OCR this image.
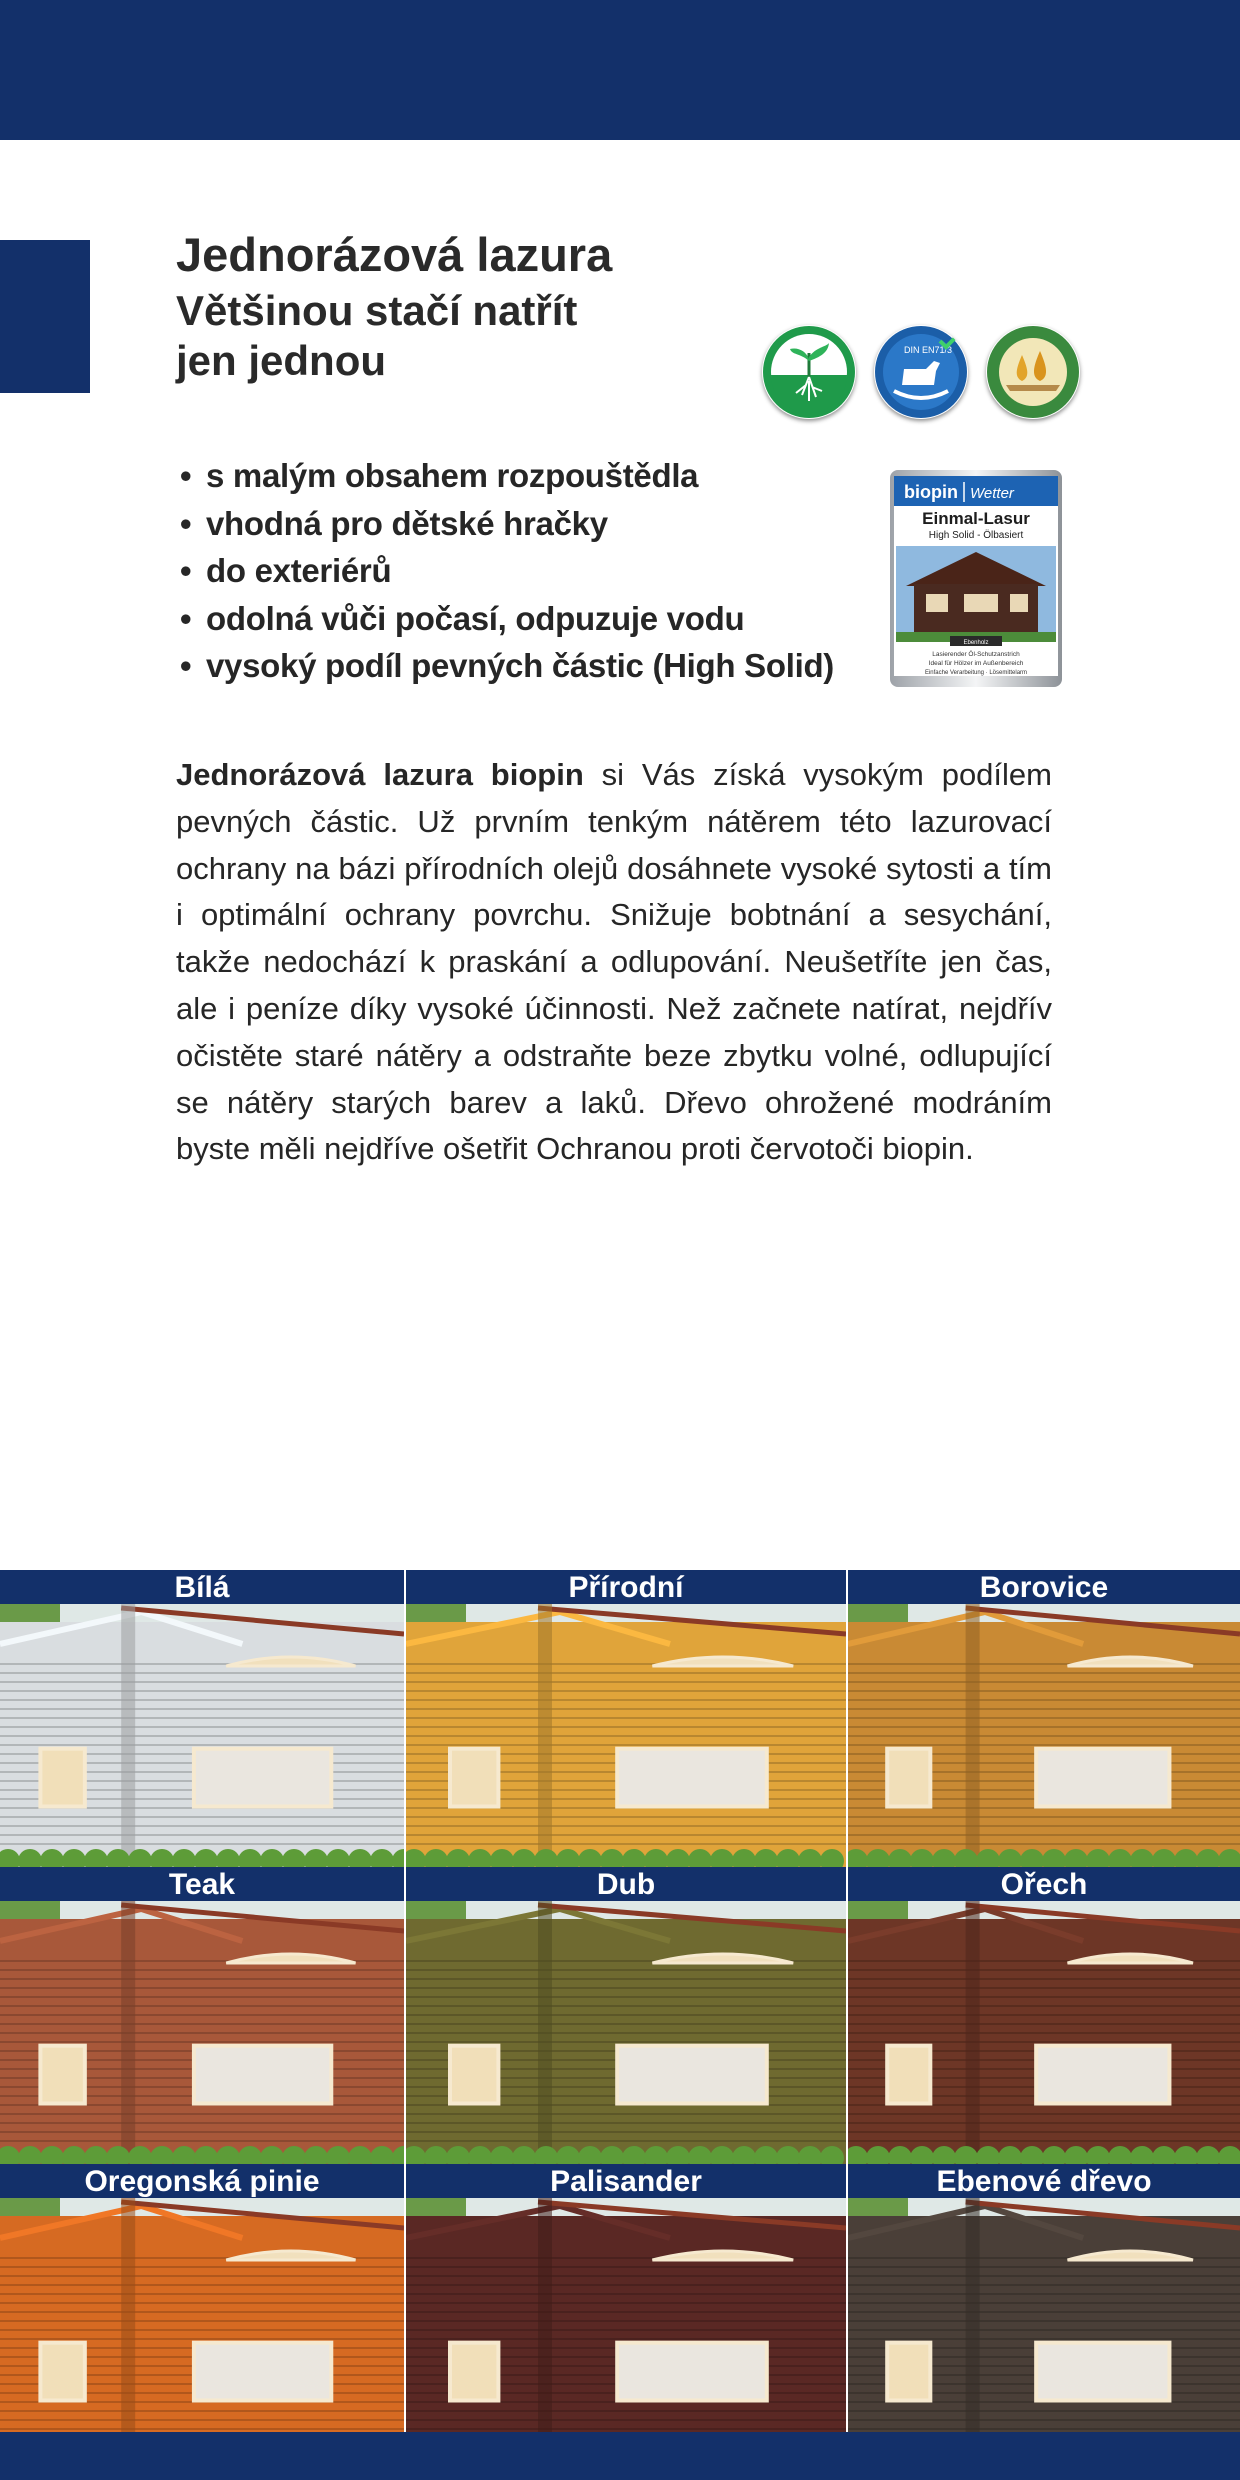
Jednorázová lazura
Většinou stačí natřít
jen jednou	DIN EN71/3
• s malým obsahem rozpouštědla
• vhodná pro dětské hračky
• do exteriérů
• odolná vůči počasí, odpuzuje vodu
• vysoký podíl pevných částic (High Solid)
biopin Wetter
Einmal-Lasur
High Solid - Ölbasiert
Ebenholz
Lasierender Öl-Schutzanstrich
Ideal für Hölzer im Außenbereich
Einfache Verarbeitung · Lösemittelarm

Jednorázová lazura biopin si Vás získá vysokým podílem pevných částic. Už prvním tenkým nátěrem této lazurovací ochrany na bázi přírodních olejů dosáhnete vysoké sytosti a tím i optimální ochrany povrchu. Snižuje bobtnání a sesychání, takže nedochází k praskání a odlupování. Neušetříte jen čas, ale i peníze díky vysoké účinnosti. Než začnete natírat, nejdřív očistěte staré nátěry a odstraňte beze zbytku volné, odlupující se nátěry starých barev a laků. Dřevo ohrožené modráním byste měli nejdříve ošetřit Ochranou proti červotoči biopin.

Bílá	Přírodní	Borovice
Teak	Dub	Ořech
Oregonská pinie	Palisander	Ebenové dřevo
